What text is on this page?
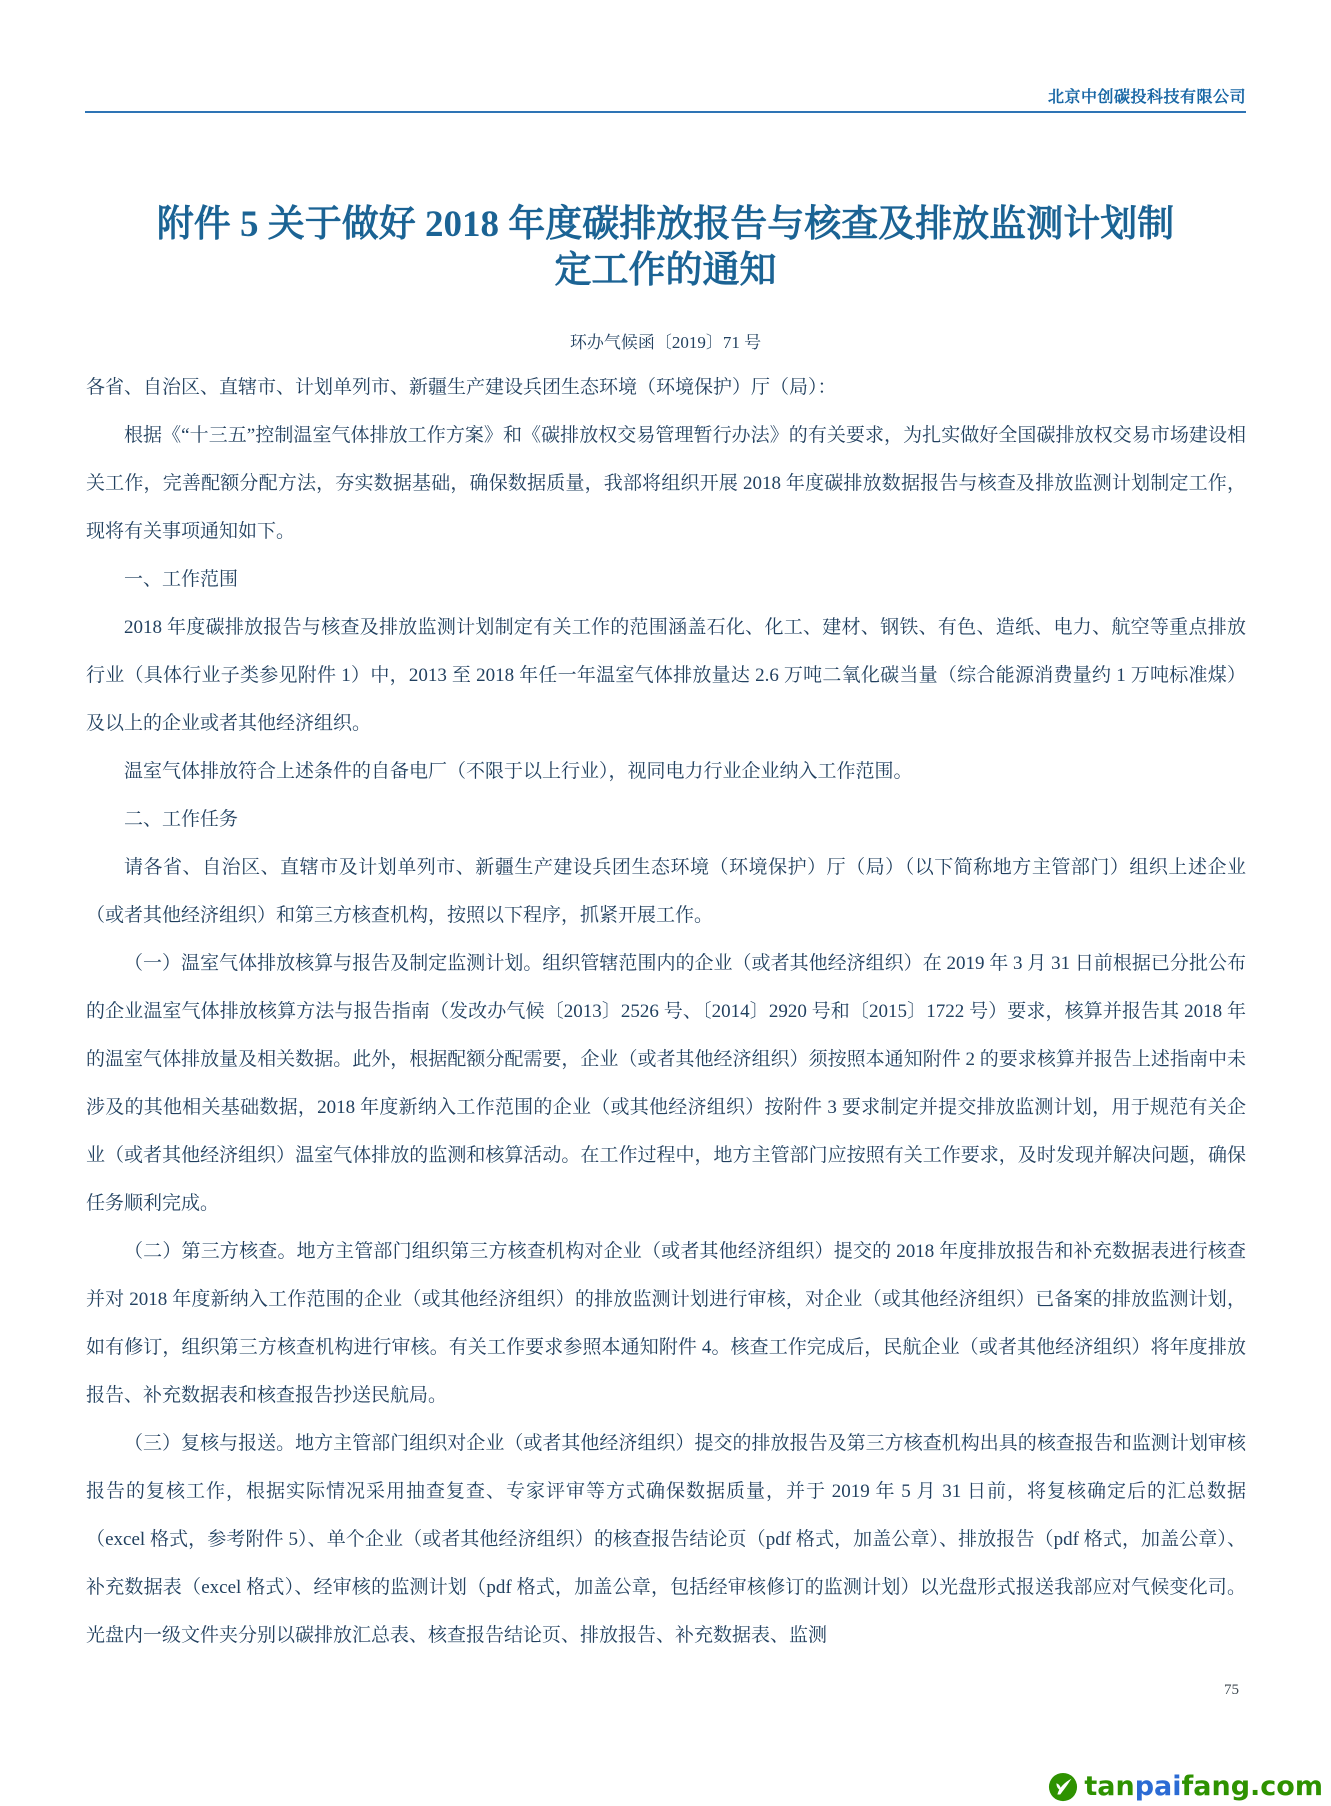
北京中创碳投科技有限公司
附件 5 关于做好 2018 年度碳排放报告与核查及排放监测计划制
定工作的通知
环办气候函〔2019〕71 号

各省、自治区、直辖市、计划单列市、新疆生产建设兵团生态环境（环境保护）厅（局）：

根据《“十三五”控制温室气体排放工作方案》和《碳排放权交易管理暂行办法》的有关要求，为扎实做好全国碳排放权交易市场建设相关工作，完善配额分配方法，夯实数据基础，确保数据质量，我部将组织开展 2018 年度碳排放数据报告与核查及排放监测计划制定工作，现将有关事项通知如下。

一、工作范围

2018 年度碳排放报告与核查及排放监测计划制定有关工作的范围涵盖石化、化工、建材、钢铁、有色、造纸、电力、航空等重点排放行业（具体行业子类参见附件 1）中，2013 至 2018 年任一年温室气体排放量达 2.6 万吨二氧化碳当量（综合能源消费量约 1 万吨标准煤）及以上的企业或者其他经济组织。

温室气体排放符合上述条件的自备电厂（不限于以上行业），视同电力行业企业纳入工作范围。

二、工作任务

请各省、自治区、直辖市及计划单列市、新疆生产建设兵团生态环境（环境保护）厅（局）（以下简称地方主管部门）组织上述企业（或者其他经济组织）和第三方核查机构，按照以下程序，抓紧开展工作。

（一）温室气体排放核算与报告及制定监测计划。组织管辖范围内的企业（或者其他经济组织）在 2019 年 3 月 31 日前根据已分批公布的企业温室气体排放核算方法与报告指南（发改办气候〔2013〕2526 号、〔2014〕2920 号和〔2015〕1722 号）要求，核算并报告其 2018 年的温室气体排放量及相关数据。此外，根据配额分配需要，企业（或者其他经济组织）须按照本通知附件 2 的要求核算并报告上述指南中未涉及的其他相关基础数据，2018 年度新纳入工作范围的企业（或其他经济组织）按附件 3 要求制定并提交排放监测计划，用于规范有关企业（或者其他经济组织）温室气体排放的监测和核算活动。在工作过程中，地方主管部门应按照有关工作要求，及时发现并解决问题，确保任务顺利完成。

（二）第三方核查。地方主管部门组织第三方核查机构对企业（或者其他经济组织）提交的 2018 年度排放报告和补充数据表进行核查并对 2018 年度新纳入工作范围的企业（或其他经济组织）的排放监测计划进行审核，对企业（或其他经济组织）已备案的排放监测计划，如有修订，组织第三方核查机构进行审核。有关工作要求参照本通知附件 4。核查工作完成后，民航企业（或者其他经济组织）将年度排放报告、补充数据表和核查报告抄送民航局。

（三）复核与报送。地方主管部门组织对企业（或者其他经济组织）提交的排放报告及第三方核查机构出具的核查报告和监测计划审核报告的复核工作，根据实际情况采用抽查复查、专家评审等方式确保数据质量，并于 2019 年 5 月 31 日前，将复核确定后的汇总数据（excel 格式，参考附件 5）、单个企业（或者其他经济组织）的核查报告结论页（pdf 格式，加盖公章）、排放报告（pdf 格式，加盖公章）、补充数据表（excel 格式）、经审核的监测计划（pdf 格式，加盖公章，包括经审核修订的监测计划）以光盘形式报送我部应对气候变化司。光盘内一级文件夹分别以碳排放汇总表、核查报告结论页、排放报告、补充数据表、监测

75
tanpaifang.com
